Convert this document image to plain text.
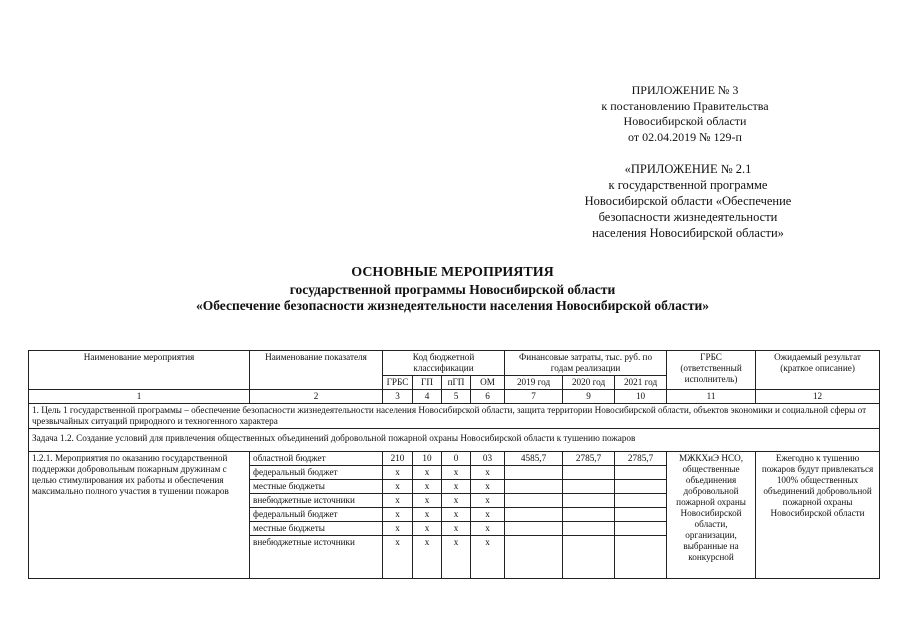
ПРИЛОЖЕНИЕ № 3
к постановлению Правительства
Новосибирской области
от 02.04.2019 № 129-п
«ПРИЛОЖЕНИЕ № 2.1
к государственной программе
Новосибирской области «Обеспечение
безопасности жизнедеятельности
населения Новосибирской области»
ОСНОВНЫЕ МЕРОПРИЯТИЯ
государственной программы Новосибирской области
«Обеспечение безопасности жизнедеятельности населения Новосибирской области»
Наименование мероприятия	Наименование показателя	Код бюджетной классификации				Финансовые затраты, тыс. руб. по годам реализации			ГРБС (ответственный исполнитель)	Ожидаемый результат (краткое описание)
		ГРБС	ГП	пГП	ОМ	2019 год	2020 год	2021 год		
1	2	3	4	5	6	7	9	10	11	12
1. Цель 1 государственной программы – обеспечение безопасности жизнедеятельности населения Новосибирской области, защита территории Новосибирской области, объектов экономики и социальной сферы от чрезвычайных ситуаций природного и техногенного характера										
Задача 1.2. Создание условий для привлечения общественных объединений добровольной пожарной охраны Новосибирской области к тушению пожаров										
1.2.1. Мероприятия по оказанию государственной поддержки добровольным пожарным дружинам с целью стимулирования их работы и обеспечения максимально полного участия в тушении пожаров	областной бюджет	210	10	0	03	4585,7	2785,7	2785,7	МЖКХиЭ НСО, общественные объединения добровольной пожарной охраны Новосибирской области, организации, выбранные на конкурсной	Ежегодно к тушению пожаров будут привлекаться 100% общественных объединений добровольной пожарной охраны Новосибирской области
	федеральный бюджет	х	х	х	х					
	местные бюджеты	х	х	х	х					
	внебюджетные источники	х	х	х	х					
	федеральный бюджет	х	х	х	х					
	местные бюджеты	х	х	х	х					
	внебюджетные источники	х	х	х	х					
